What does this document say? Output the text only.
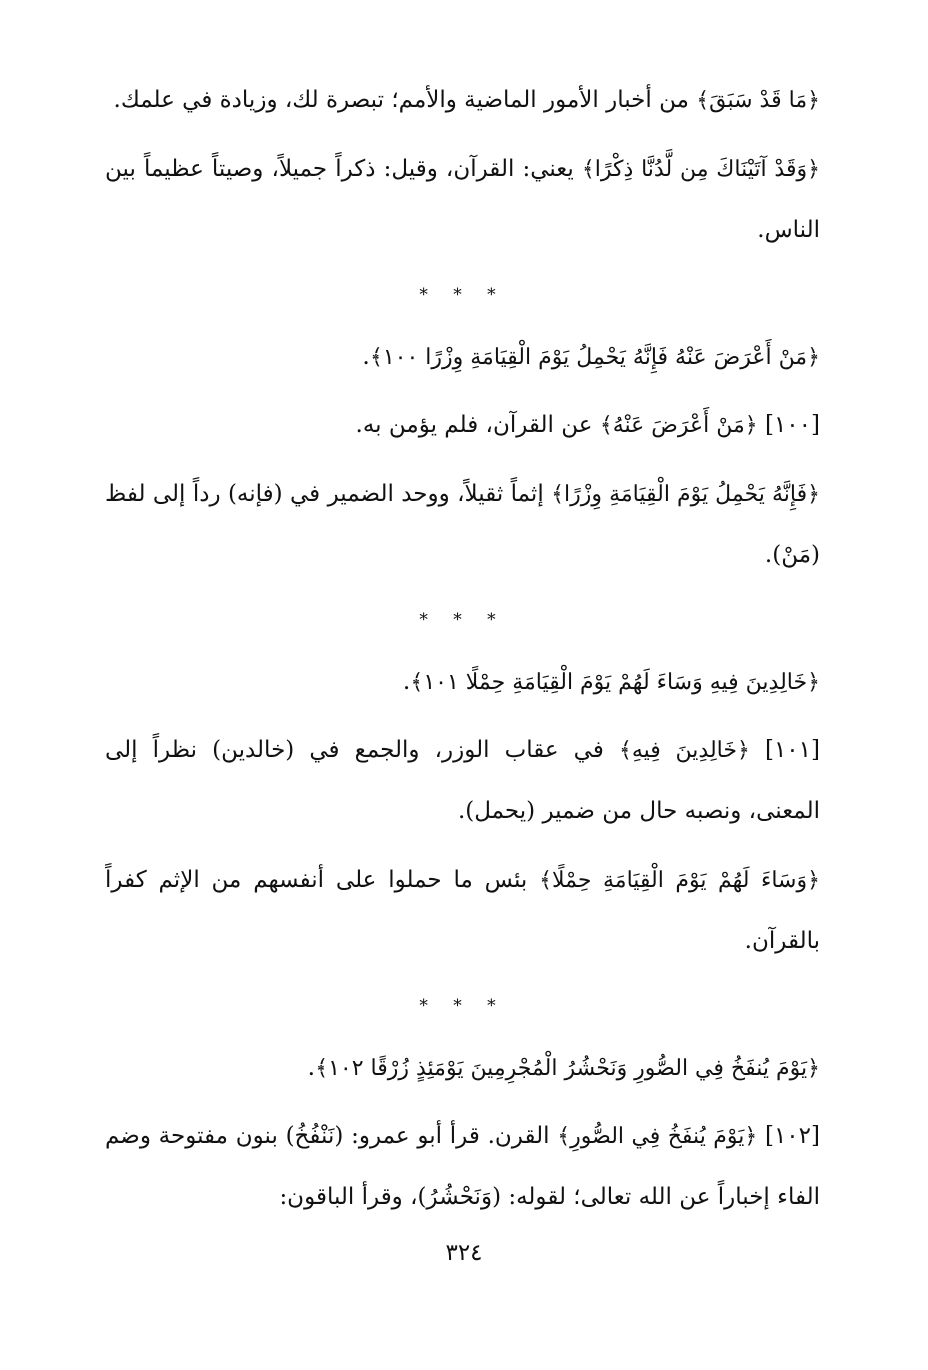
﴿مَا قَدْ سَبَقَ﴾ من أخبار الأمور الماضية والأمم؛ تبصرة لك، وزيادة في علمك.

﴿وَقَدْ آتَيْنَاكَ مِن لَّدُنَّا ذِكْرًا﴾ يعني: القرآن، وقيل: ذكراً جميلاً، وصيتاً عظيماً بين الناس.

* * *
﴿مَنْ أَعْرَضَ عَنْهُ فَإِنَّهُ يَحْمِلُ يَوْمَ الْقِيَامَةِ وِزْرًا ١٠٠﴾.

[١٠٠] ﴿مَنْ أَعْرَضَ عَنْهُ﴾ عن القرآن، فلم يؤمن به.

﴿فَإِنَّهُ يَحْمِلُ يَوْمَ الْقِيَامَةِ وِزْرًا﴾ إثماً ثقيلاً، ووحد الضمير في (فإنه) رداً إلى لفظ (مَنْ).

* * *
﴿خَالِدِينَ فِيهِ وَسَاءَ لَهُمْ يَوْمَ الْقِيَامَةِ حِمْلًا ١٠١﴾.

[١٠١] ﴿خَالِدِينَ فِيهِ﴾ في عقاب الوزر، والجمع في (خالدين) نظراً إلى المعنى، ونصبه حال من ضمير (يحمل).

﴿وَسَاءَ لَهُمْ يَوْمَ الْقِيَامَةِ حِمْلًا﴾ بئس ما حملوا على أنفسهم من الإثم كفراً بالقرآن.

* * *
﴿يَوْمَ يُنفَخُ فِي الصُّورِ وَنَحْشُرُ الْمُجْرِمِينَ يَوْمَئِذٍ زُرْقًا ١٠٢﴾.

[١٠٢] ﴿يَوْمَ يُنفَخُ فِي الصُّورِ﴾ القرن. قرأ أبو عمرو: (نَنْفُخُ) بنون مفتوحة وضم الفاء إخباراً عن الله تعالى؛ لقوله: (وَنَحْشُرُ)، وقرأ الباقون:

٣٢٤
